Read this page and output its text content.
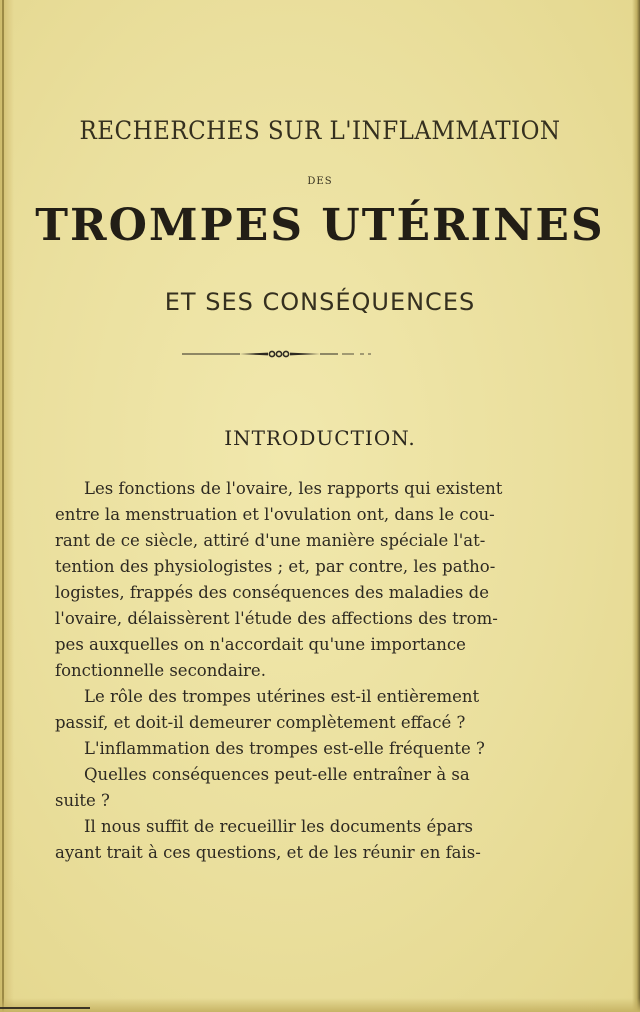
RECHERCHES SUR L'INFLAMMATION
DES
TROMPES UTÉRINES
ET SES CONSÉQUENCES
INTRODUCTION.
Les fonctions de l'ovaire, les rapports qui existent
entre la menstruation et l'ovulation ont, dans le cou-
rant de ce siècle, attiré d'une manière spéciale l'at-
tention des physiologistes ; et, par contre, les patho-
logistes, frappés des conséquences des maladies de
l'ovaire, délaissèrent l'étude des affections des trom-
pes auxquelles on n'accordait qu'une importance
fonctionnelle secondaire.
Le rôle des trompes utérines est-il entièrement
passif, et doit-il demeurer complètement effacé ?
L'inflammation des trompes est-elle fréquente ?
Quelles conséquences peut-elle entraîner à sa
suite ?
Il nous suffit de recueillir les documents épars
ayant trait à ces questions, et de les réunir en fais-
